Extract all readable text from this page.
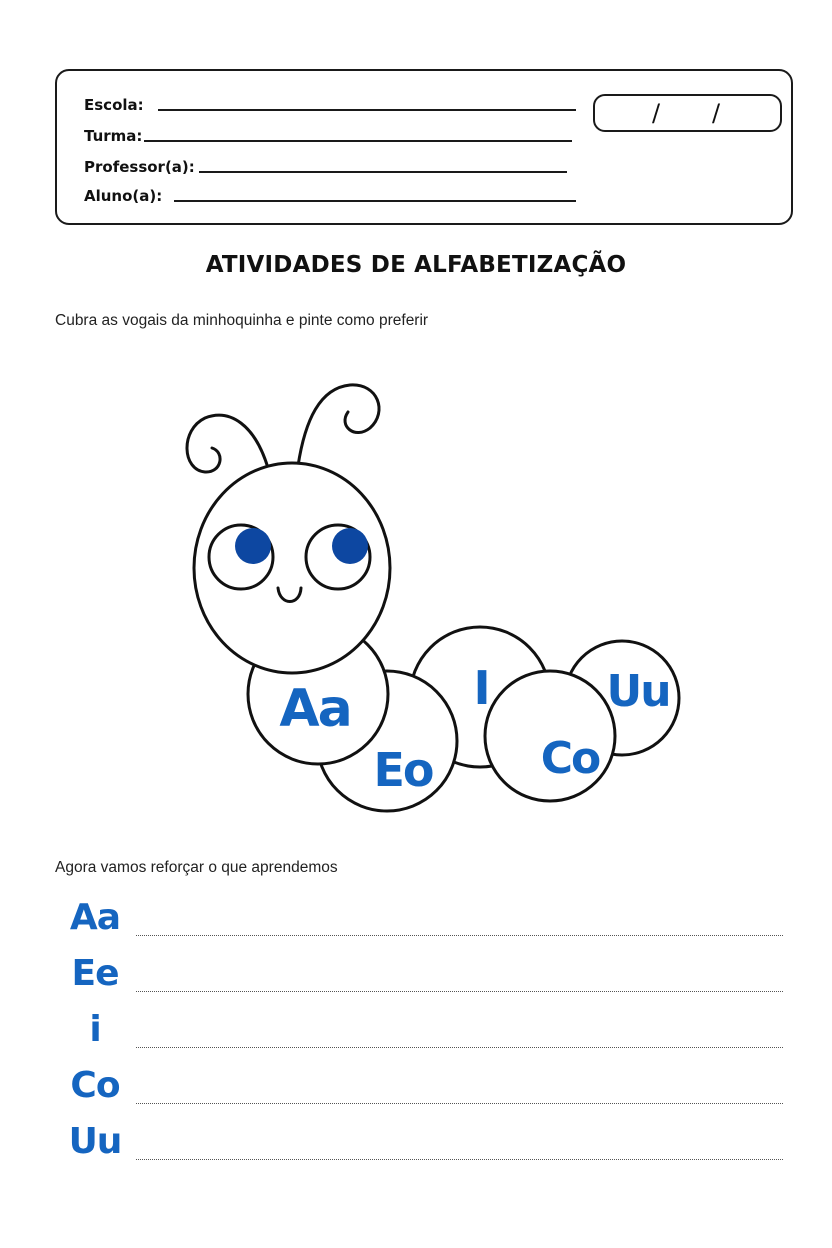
Escola:
Turma:
Professor(a):
Aluno(a):
/ /
ATIVIDADES DE ALFABETIZAÇÃO
Cubra as vogais da minhoquinha e pinte como preferir
Aa
Eo
I
Co
Uu
Agora vamos reforçar o que aprendemos
Aa
Ee
i
Co
Uu
